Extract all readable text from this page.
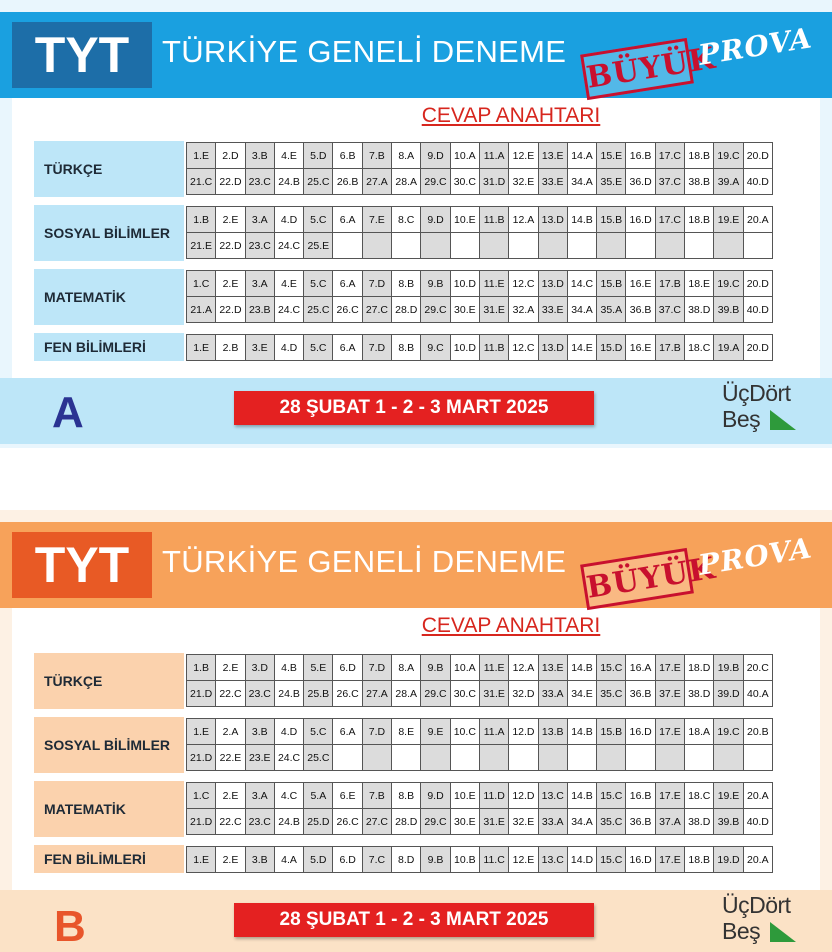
TYT	TÜRKİYE GENELİ DENEME BÜYÜK
PROVA
CEVAP ANAHTARI
TÜRKÇE
1.E	2.D	3.B	4.E	5.D	6.B	7.B	8.A	9.D	10.A	11.A	12.E	13.E	14.A	15.E	16.B	17.C	18.B	19.C	20.D
21.C	22.D	23.C	24.B	25.C	26.B	27.A	28.A	29.C	30.C	31.D	32.E	33.E	34.A	35.E	36.D	37.C	38.B	39.A	40.D
SOSYAL BİLİMLER
1.B	2.E	3.A	4.D	5.C	6.A	7.E	8.C	9.D	10.E	11.B	12.A	13.D	14.B	15.B	16.D	17.C	18.B	19.E	20.A
21.E	22.D	23.C	24.C	25.E															
MATEMATİK
1.C	2.E	3.A	4.E	5.C	6.A	7.D	8.B	9.B	10.D	11.E	12.C	13.D	14.C	15.B	16.E	17.B	18.E	19.C	20.D
21.A	22.D	23.B	24.C	25.C	26.C	27.C	28.D	29.C	30.E	31.E	32.A	33.E	34.A	35.A	36.B	37.C	38.D	39.B	40.D
FEN BİLİMLERİ	1.E	2.B	3.E	4.D	5.C	6.A	7.D	8.B	9.C	10.D	11.B	12.C	13.D	14.E	15.D	16.E	17.B	18.C	19.A	20.D
A	28 ŞUBAT 1 - 2 - 3 MART 2025
ÜçDört
Beş
TYT	TÜRKİYE GENELİ DENEME BÜYÜK
PROVA
CEVAP ANAHTARI
TÜRKÇE
1.B	2.E	3.D	4.B	5.E	6.D	7.D	8.A	9.B	10.A	11.E	12.A	13.E	14.B	15.C	16.A	17.E	18.D	19.B	20.C
21.D	22.C	23.C	24.B	25.B	26.C	27.A	28.A	29.C	30.C	31.E	32.D	33.A	34.E	35.C	36.B	37.E	38.D	39.D	40.A
SOSYAL BİLİMLER
1.E	2.A	3.B	4.D	5.C	6.A	7.D	8.E	9.E	10.C	11.A	12.D	13.B	14.B	15.B	16.D	17.E	18.A	19.C	20.B
21.D	22.E	23.E	24.C	25.C															
MATEMATİK
1.C	2.E	3.A	4.C	5.A	6.E	7.B	8.B	9.D	10.E	11.D	12.D	13.C	14.B	15.C	16.B	17.E	18.C	19.E	20.A
21.D	22.C	23.C	24.B	25.D	26.C	27.C	28.D	29.C	30.E	31.E	32.E	33.A	34.A	35.C	36.B	37.A	38.D	39.B	40.D
FEN BİLİMLERİ	1.E	2.E	3.B	4.A	5.D	6.D	7.C	8.D	9.B	10.B	11.C	12.E	13.C	14.D	15.C	16.D	17.E	18.B	19.D	20.A
B	28 ŞUBAT 1 - 2 - 3 MART 2025
ÜçDört
Beş
